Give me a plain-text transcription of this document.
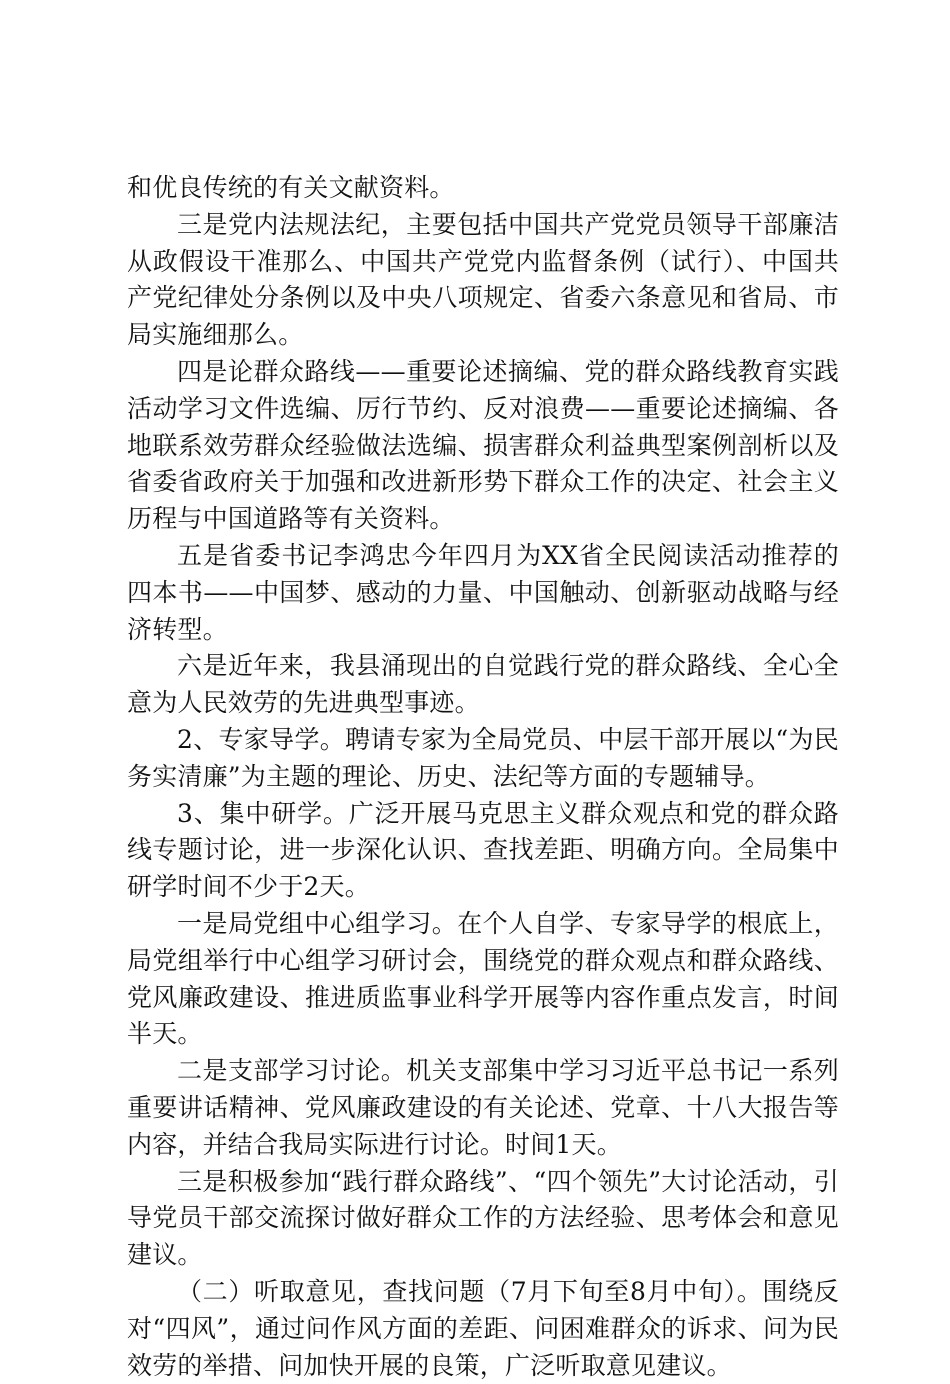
和优良传统的有关文献资料。

三是党内法规法纪，主要包括中国共产党党员领导干部廉洁从政假设干准那么、中国共产党党内监督条例（试行）、中国共产党纪律处分条例以及中央八项规定、省委六条意见和省局、市局实施细那么。

四是论群众路线——重要论述摘编、党的群众路线教育实践活动学习文件选编、厉行节约、反对浪费——重要论述摘编、各地联系效劳群众经验做法选编、损害群众利益典型案例剖析以及省委省政府关于加强和改进新形势下群众工作的决定、社会主义历程与中国道路等有关资料。

五是省委书记李鸿忠今年四月为XX省全民阅读活动推荐的四本书——中国梦、感动的力量、中国触动、创新驱动战略与经济转型。

六是近年来，我县涌现出的自觉践行党的群众路线、全心全意为人民效劳的先进典型事迹。

2、专家导学。聘请专家为全局党员、中层干部开展以“为民务实清廉”为主题的理论、历史、法纪等方面的专题辅导。

3、集中研学。广泛开展马克思主义群众观点和党的群众路线专题讨论，进一步深化认识、查找差距、明确方向。全局集中研学时间不少于2天。

一是局党组中心组学习。在个人自学、专家导学的根底上，局党组举行中心组学习研讨会，围绕党的群众观点和群众路线、党风廉政建设、推进质监事业科学开展等内容作重点发言，时间半天。

二是支部学习讨论。机关支部集中学习习近平总书记一系列重要讲话精神、党风廉政建设的有关论述、党章、十八大报告等内容，并结合我局实际进行讨论。时间1天。

三是积极参加“践行群众路线”、“四个领先”大讨论活动，引导党员干部交流探讨做好群众工作的方法经验、思考体会和意见建议。

（二）听取意见，查找问题（7月下旬至8月中旬）。围绕反对“四风”，通过问作风方面的差距、问困难群众的诉求、问为民效劳的举措、问加快开展的良策，广泛听取意见建议。
